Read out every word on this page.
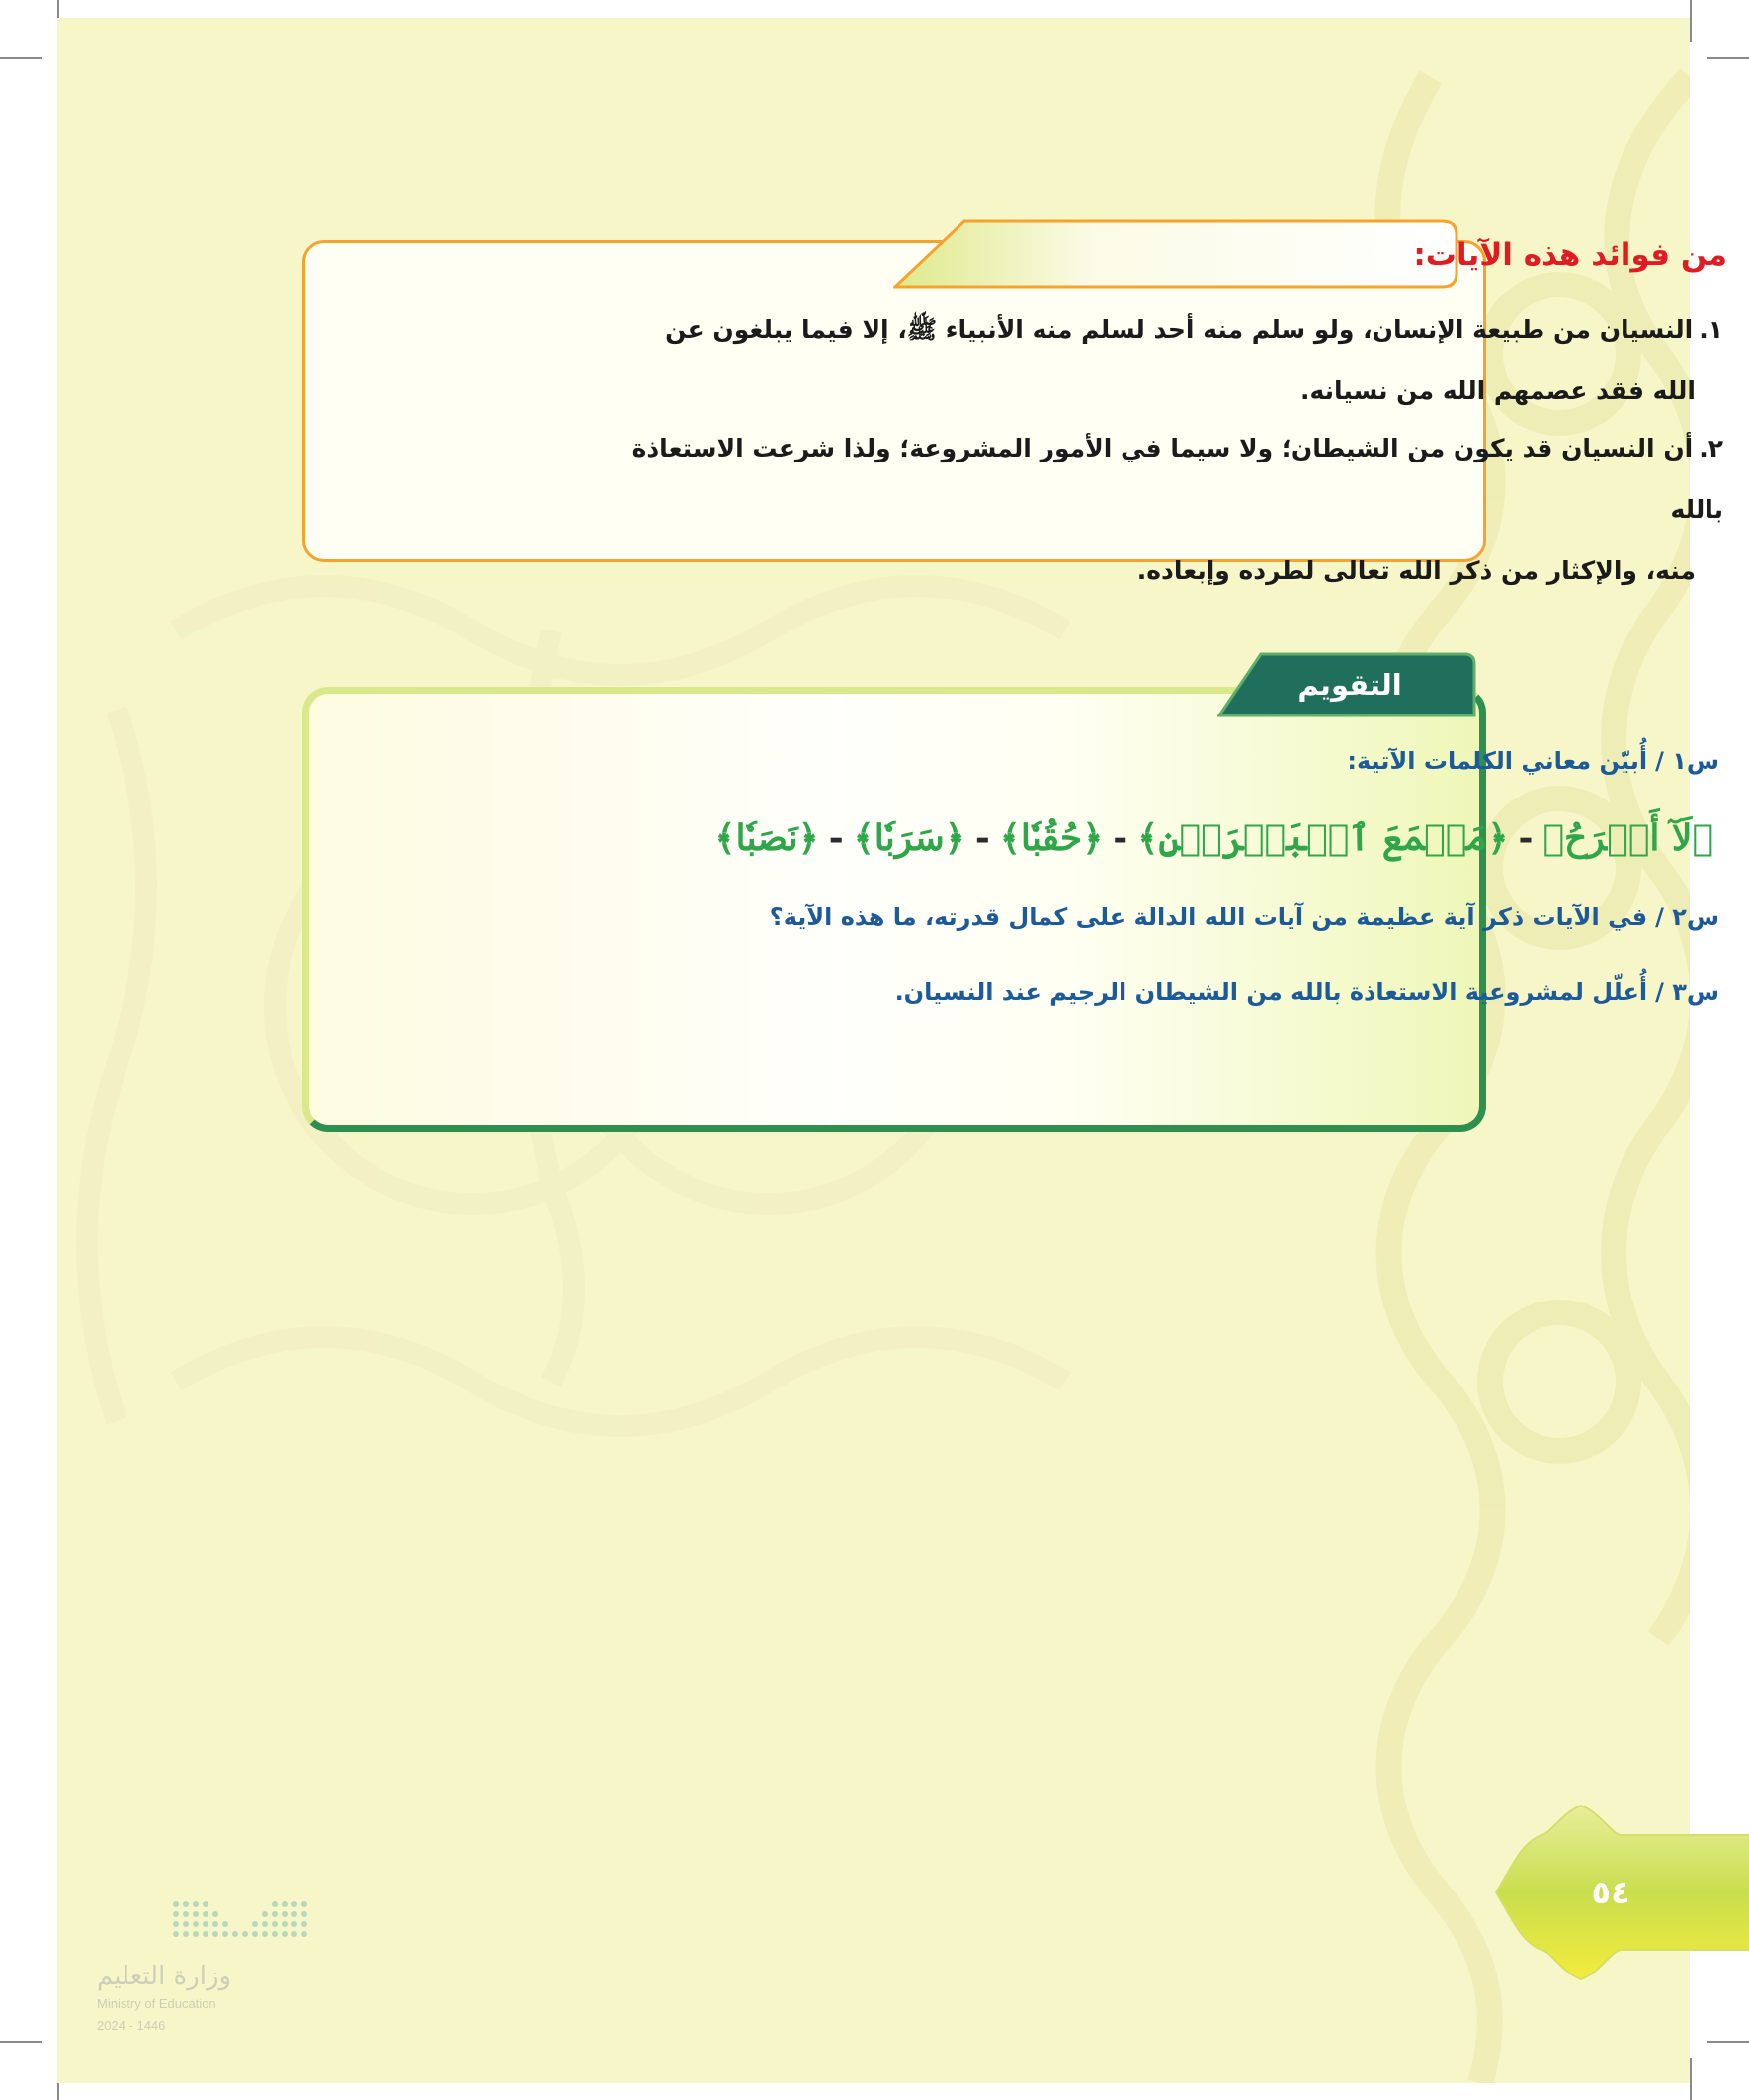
من فوائد هذه الآيات:
١.النسيان من طبيعة الإنسان، ولو سلم منه أحد لسلم منه الأنبياء ﷺ، إلا فيما يبلغون عن
الله فقد عصمهم الله من نسيانه.
٢.أن النسيان قد يكون من الشيطان؛ ولا سيما في الأمور المشروعة؛ ولذا شرعت الاستعاذة بالله
منه، والإكثار من ذكر الله تعالى لطرده وإبعاده.
التقويم
س١ /أُبيّن معاني الكلمات الآتية:
﴿لَآ أَبۡرَحُ﴾-﴿مَجۡمَعَ ٱلۡبَحۡرَيۡنِ﴾-﴿حُقُبٗا﴾-﴿سَرَبٗا﴾-﴿نَصَبٗا﴾
س٢ /في الآيات ذكر آية عظيمة من آيات الله الدالة على كمال قدرته، ما هذه الآية؟
س٣ /أُعلّل لمشروعية الاستعاذة بالله من الشيطان الرجيم عند النسيان.
٥٤
وزارة التعليم
Ministry of Education
2024 - 1446
